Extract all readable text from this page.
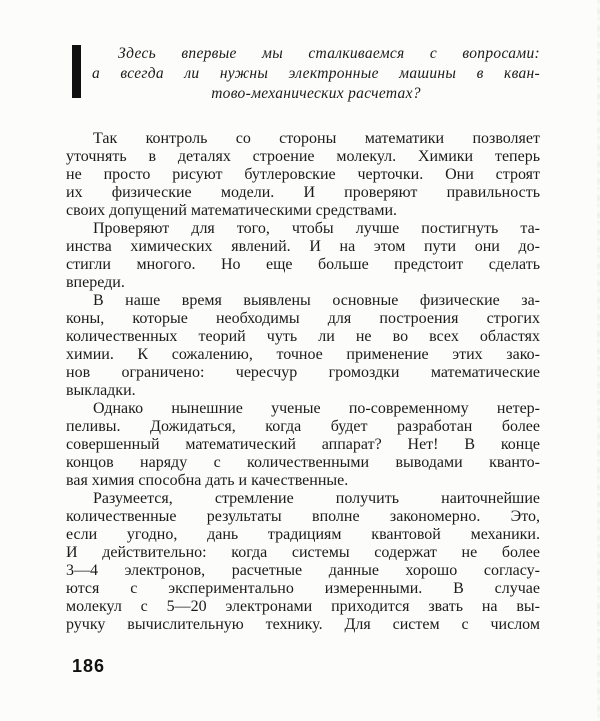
Здесь впервые мы сталкиваемся с вопросами:
а всегда ли нужны электронные машины в кван-
тово-механических расчетах?
Так контроль со стороны математики позволяет
уточнять в деталях строение молекул. Химики теперь
не просто рисуют бутлеровские черточки. Они строят
их физические модели. И проверяют правильность
своих допущений математическими средствами.
Проверяют для того, чтобы лучше постигнуть та-
инства химических явлений. И на этом пути они до-
стигли многого. Но еще больше предстоит сделать
впереди.
В наше время выявлены основные физические за-
коны, которые необходимы для построения строгих
количественных теорий чуть ли не во всех областях
химии. К сожалению, точное применение этих зако-
нов ограничено: чересчур громоздки математические
выкладки.
Однако нынешние ученые по-современному нетер-
пеливы. Дожидаться, когда будет разработан более
совершенный математический аппарат? Нет! В конце
концов наряду с количественными выводами кванто-
вая химия способна дать и качественные.
Разумеется, стремление получить наиточнейшие
количественные результаты вполне закономерно. Это,
если угодно, дань традициям квантовой механики.
И действительно: когда системы содержат не более
3—4 электронов, расчетные данные хорошо согласу-
ются с экспериментально измеренными. В случае
молекул с 5—20 электронами приходится звать на вы-
ручку вычислительную технику. Для систем с числом
186
